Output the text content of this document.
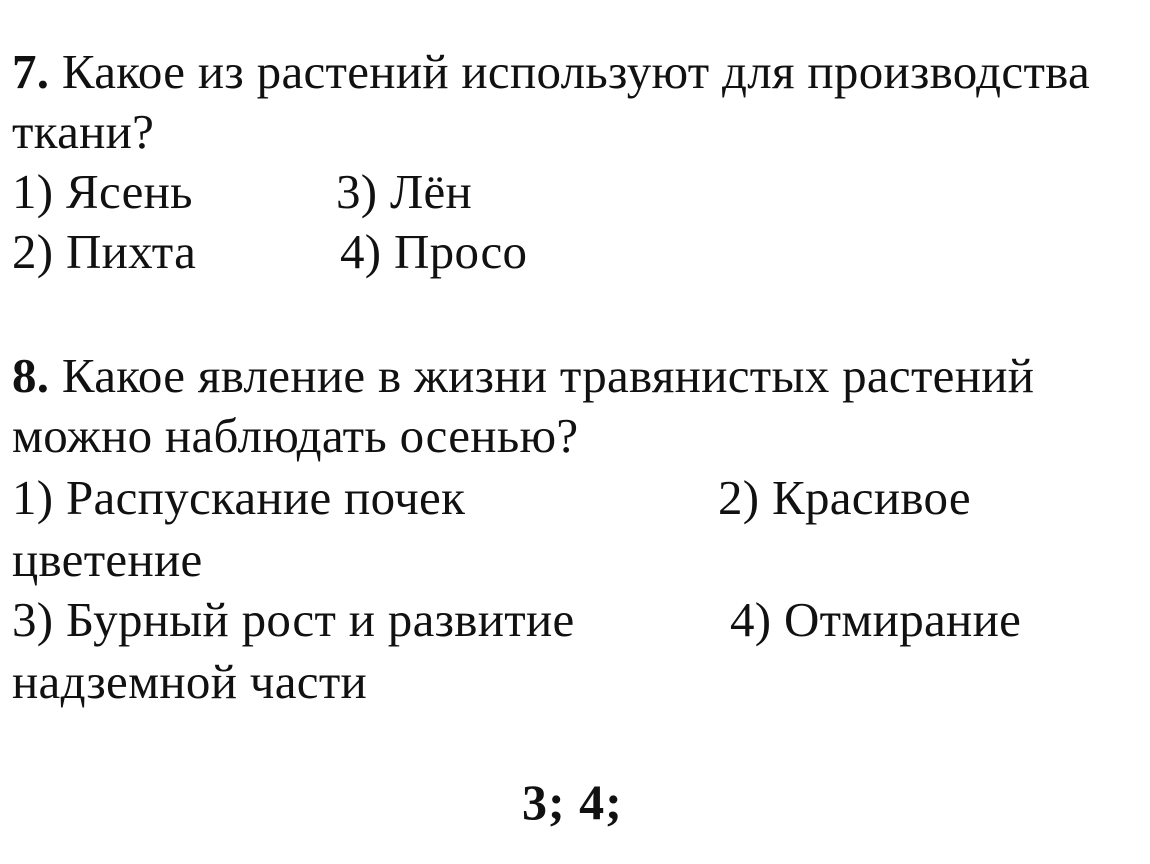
7. Какое из растений используют для производства
ткани?
1) Ясень	3) Лён
2) Пихта	4) Просо
8. Какое явление в жизни травянистых растений
можно наблюдать осенью?
1) Распускание почек	2) Красивое
цветение
3) Бурный рост и развитие	4) Отмирание
надземной части
3; 4;
